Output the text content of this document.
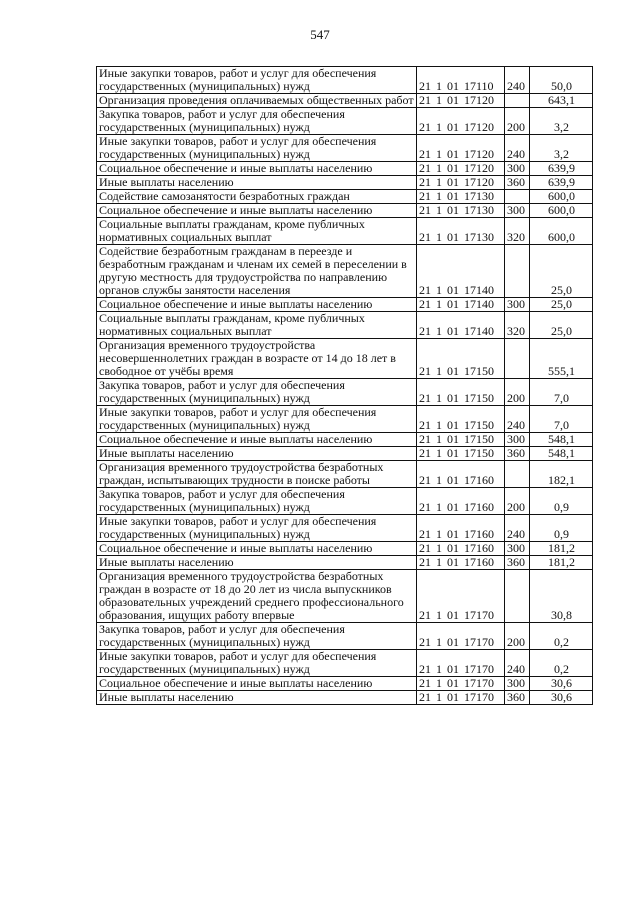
547
Иные закупки товаров, работ и услуг для обеспечения государственных (муниципальных) нужд	21 1 01 17110	240	50,0
Организация проведения оплачиваемых общественных работ	21 1 01 17120		643,1
Закупка товаров, работ и услуг для обеспечения государственных (муниципальных) нужд	21 1 01 17120	200	3,2
Иные закупки товаров, работ и услуг для обеспечения государственных (муниципальных) нужд	21 1 01 17120	240	3,2
Социальное обеспечение и иные выплаты населению	21 1 01 17120	300	639,9
Иные выплаты населению	21 1 01 17120	360	639,9
Содействие самозанятости безработных граждан	21 1 01 17130		600,0
Социальное обеспечение и иные выплаты населению	21 1 01 17130	300	600,0
Социальные выплаты гражданам, кроме публичных нормативных социальных выплат	21 1 01 17130	320	600,0
Содействие безработным гражданам в переезде и безработным гражданам и членам их семей в переселении в другую местность для трудоустройства по направлению органов службы занятости населения	21 1 01 17140		25,0
Социальное обеспечение и иные выплаты населению	21 1 01 17140	300	25,0
Социальные выплаты гражданам, кроме публичных нормативных социальных выплат	21 1 01 17140	320	25,0
Организация временного трудоустройства несовершеннолетних граждан в возрасте от 14 до 18 лет в свободное от учёбы время	21 1 01 17150		555,1
Закупка товаров, работ и услуг для обеспечения государственных (муниципальных) нужд	21 1 01 17150	200	7,0
Иные закупки товаров, работ и услуг для обеспечения государственных (муниципальных) нужд	21 1 01 17150	240	7,0
Социальное обеспечение и иные выплаты населению	21 1 01 17150	300	548,1
Иные выплаты населению	21 1 01 17150	360	548,1
Организация временного трудоустройства безработных граждан, испытывающих трудности в поиске работы	21 1 01 17160		182,1
Закупка товаров, работ и услуг для обеспечения государственных (муниципальных) нужд	21 1 01 17160	200	0,9
Иные закупки товаров, работ и услуг для обеспечения государственных (муниципальных) нужд	21 1 01 17160	240	0,9
Социальное обеспечение и иные выплаты населению	21 1 01 17160	300	181,2
Иные выплаты населению	21 1 01 17160	360	181,2
Организация временного трудоустройства безработных граждан в возрасте от 18 до 20 лет из числа выпускников образовательных учреждений среднего профессионального образования, ищущих работу впервые	21 1 01 17170		30,8
Закупка товаров, работ и услуг для обеспечения государственных (муниципальных) нужд	21 1 01 17170	200	0,2
Иные закупки товаров, работ и услуг для обеспечения государственных (муниципальных) нужд	21 1 01 17170	240	0,2
Социальное обеспечение и иные выплаты населению	21 1 01 17170	300	30,6
Иные выплаты населению	21 1 01 17170	360	30,6
